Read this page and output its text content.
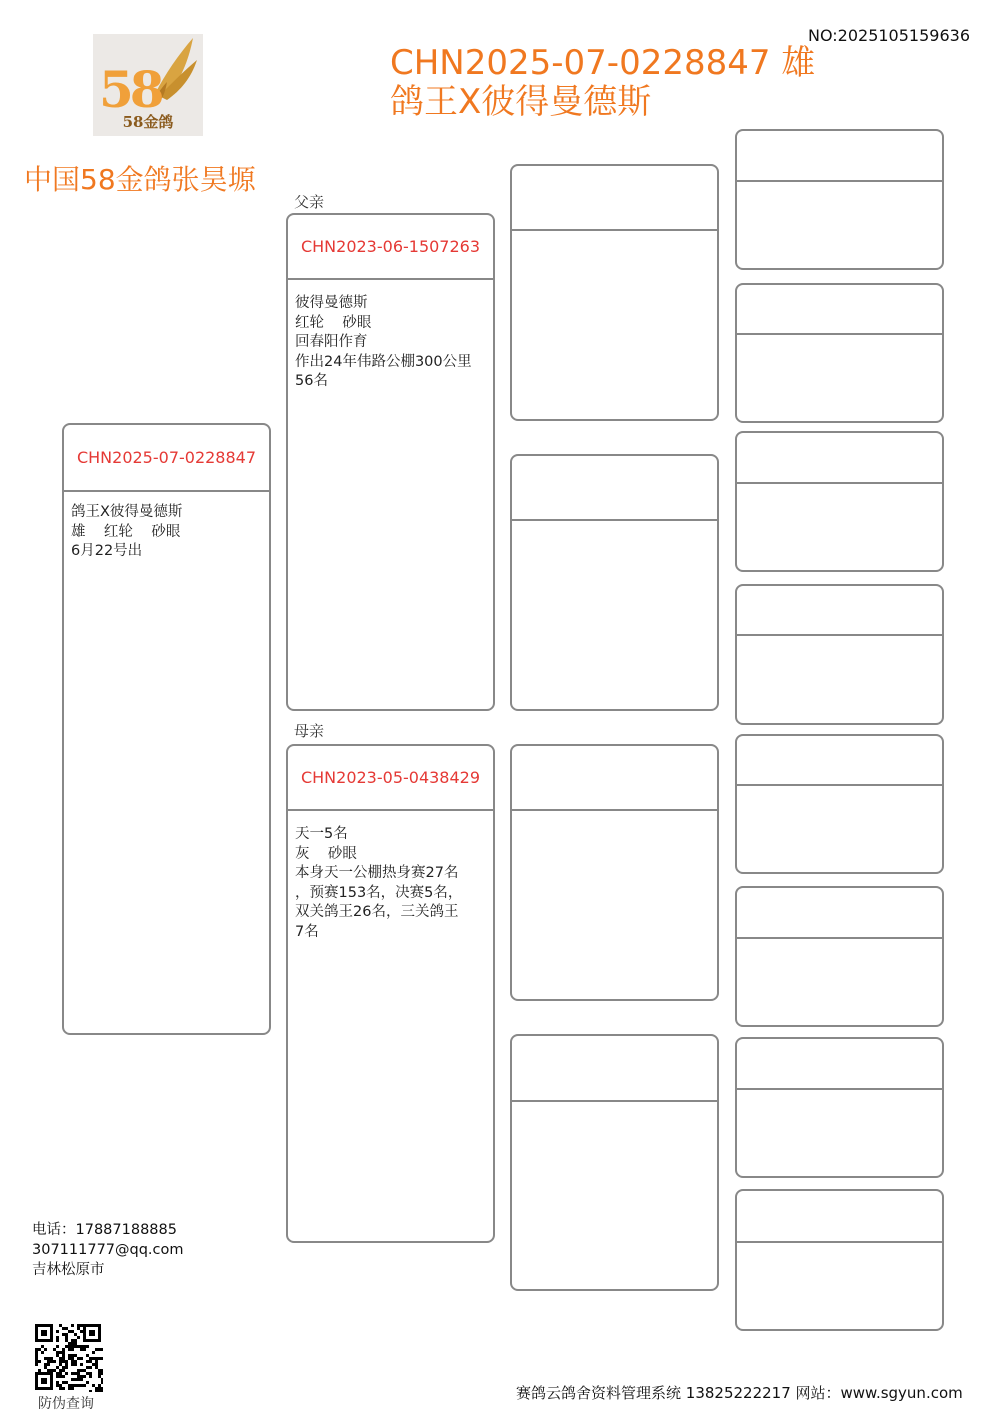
NO:2025105159636
58
58金鸽
CHN2025-07-0228847 雄
鸽王X彼得曼德斯
中国58金鸽张昊塬
CHN2025-07-0228847
鸽王X彼得曼德斯
雄    红轮    砂眼
6月22号出
父亲
CHN2023-06-1507263
彼得曼德斯
红轮    砂眼
回春阳作育
作出24年伟路公棚300公里
56名
母亲
CHN2023-05-0438429
天一5名
灰    砂眼
本身天一公棚热身赛27名
，预赛153名，决赛5名，
双关鸽王26名，三关鸽王
7名
电话：17887188885
307111777@qq.com
吉林松原市
防伪查询
赛鸽云鸽舍资料管理系统 13825222217 网站：www.sgyun.com
